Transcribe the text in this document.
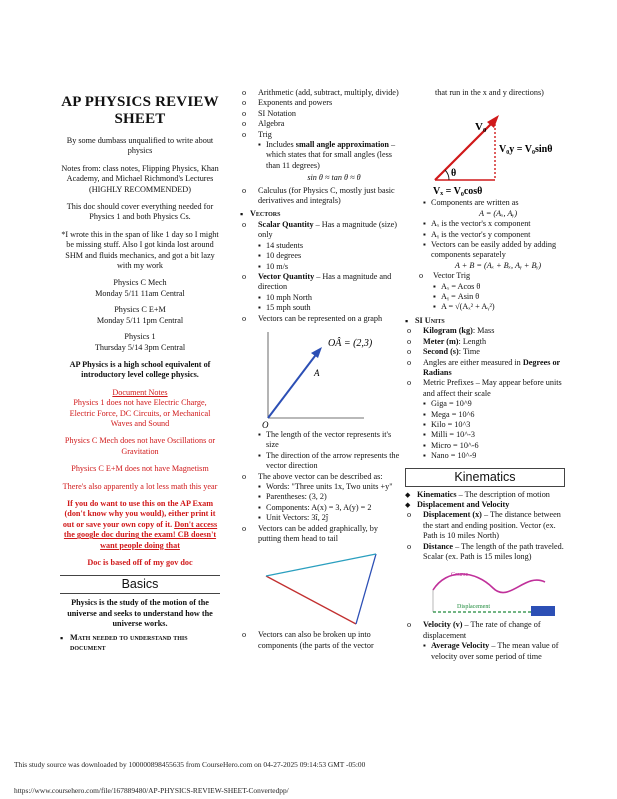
AP PHYSICS REVIEW SHEET
By some dumbass unqualified to write about physics
Notes from: class notes, Flipping Physics, Khan Academy, and Michael Richmond's Lectures (HIGHLY RECOMMENDED)
This doc should cover everything needed for Physics 1 and both Physics Cs.
*I wrote this in the span of like 1 day so I might be missing stuff. Also I got kinda lost around SHM and fluids mechanics, and got a bit lazy with my work
Physics C Mech
Monday 5/11 11am Central
Physics C E+M
Monday 5/11 1pm Central
Physics 1
Thursday 5/14 3pm Central
AP Physics is a high school equivalent of introductory level college physics.
Document Notes
Physics 1 does not have Electric Charge, Electric Force, DC Circuits, or Mechanical Waves and Sound
Physics C Mech does not have Oscillations or Gravitation
Physics C E+M does not have Magnetism
There's also apparently a lot less math this year
If you do want to use this on the AP Exam (don't know why you would), either print it out or save your own copy of it. Don't access the google doc during the exam! CB doesn't want people doing that
Doc is based off of my gov doc
Basics
Physics is the study of the motion of the universe and seeks to understand how the universe works.
▪ Math needed to understand this document
o Arithmetic (add, subtract, multiply, divide)
o Exponents and powers
o SI Notation
o Algebra
o Trig
▪ Includes small angle approximation – which states that for small angles (less than 11 degrees)
sin θ ≈ tan θ ≈ θ
o Calculus (for Physics C, mostly just basic derivatives and integrals)
▪ Vectors
o Scalar Quantity – Has a magnitude (size) only
▪ 14 students
▪ 10 degrees
▪ 10 m/s
o Vector Quantity – Has a magnitude and direction
▪ 10 mph North
▪ 15 mph south
o Vectors can be represented on a graph
OÂ = (2,3)
A
O
▪ The length of the vector represents it's size
▪ The direction of the arrow represents the vector direction
o The above vector can be described as:
▪ Words: "Three units 1x, Two units +y"
▪ Parentheses: (3, 2)
▪ Components: A(x) = 3, A(y) = 2
▪ Unit Vectors: 3î, 2ĵ
o Vectors can be added graphically, by putting them head to tail
o Vectors can also be broken up into components (the parts of the vector
that run in the x and y directions)
V₀
V₀y = V₀sinθ
θ
Vₓ = V₀cosθ
▪ Components are written as
A = (Aₓ, Aᵧ)
▪ Aₓ is the vector's x component
▪ Aᵧ is the vector's y component
▪ Vectors can be easily added by adding components separately
A + B = (Aₓ + Bₓ, Aᵧ + Bᵧ)
o Vector Trig
▪ Aₓ = Acos θ
▪ Aᵧ = Asin θ
▪ A = √(Aₓ² + Aᵧ²)
▪ SI Units
o Kilogram (kg): Mass
o Meter (m): Length
o Second (s): Time
o Angles are either measured in Degrees or Radians
o Metric Prefixes – May appear before units and affect their scale
▪ Giga = 10^9
▪ Mega = 10^6
▪ Kilo = 10^3
▪ Milli = 10^-3
▪ Micro = 10^-6
▪ Nano = 10^-9
Kinematics
◆ Kinematics – The description of motion
◆ Displacement and Velocity
o Displacement (x) – The distance between the start and ending position. Vector (ex. Path is 10 miles North)
o Distance – The length of the path traveled. Scalar (ex. Path is 15 miles long)
Course
Displacement
o Velocity (v) – The rate of change of displacement
▪ Average Velocity – The mean value of velocity over some period of time
This study source was downloaded by 100000898455635 from CourseHero.com on 04-27-2025 09:14:53 GMT -05:00
https://www.coursehero.com/file/167889480/AP-PHYSICS-REVIEW-SHEET-Convertedpp/
